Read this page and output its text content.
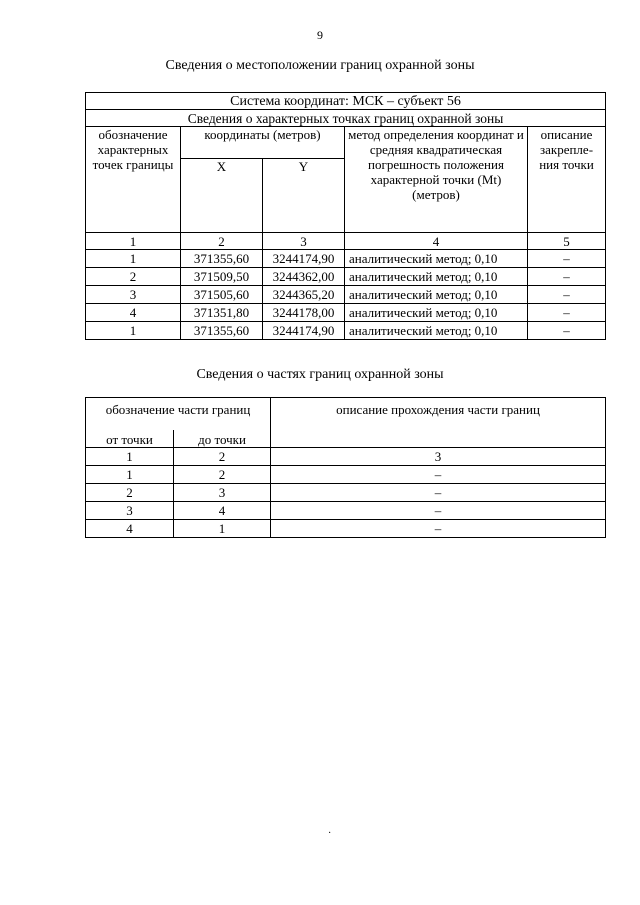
9
Сведения о местоположении границ охранной зоны
Система координат: МСК – субъект 56				
Сведения о характерных точках границ охранной зоны				
обозначение характерных точек границы	координаты (метров)		метод определения координат и средняя квадратическая погрешность положения характерной точки (Mt) (метров)	описание закрепле-ния точки
	X	Y		
1	2	3	4	5
1	371355,60	3244174,90	аналитический метод; 0,10	–
2	371509,50	3244362,00	аналитический метод; 0,10	–
3	371505,60	3244365,20	аналитический метод; 0,10	–
4	371351,80	3244178,00	аналитический метод; 0,10	–
1	371355,60	3244174,90	аналитический метод; 0,10	–
Сведения о частях границ охранной зоны
обозначение части границ		описание прохождения части границ
от точки	до точки	
1	2	3
1	2	–
2	3	–
3	4	–
4	1	–
·
